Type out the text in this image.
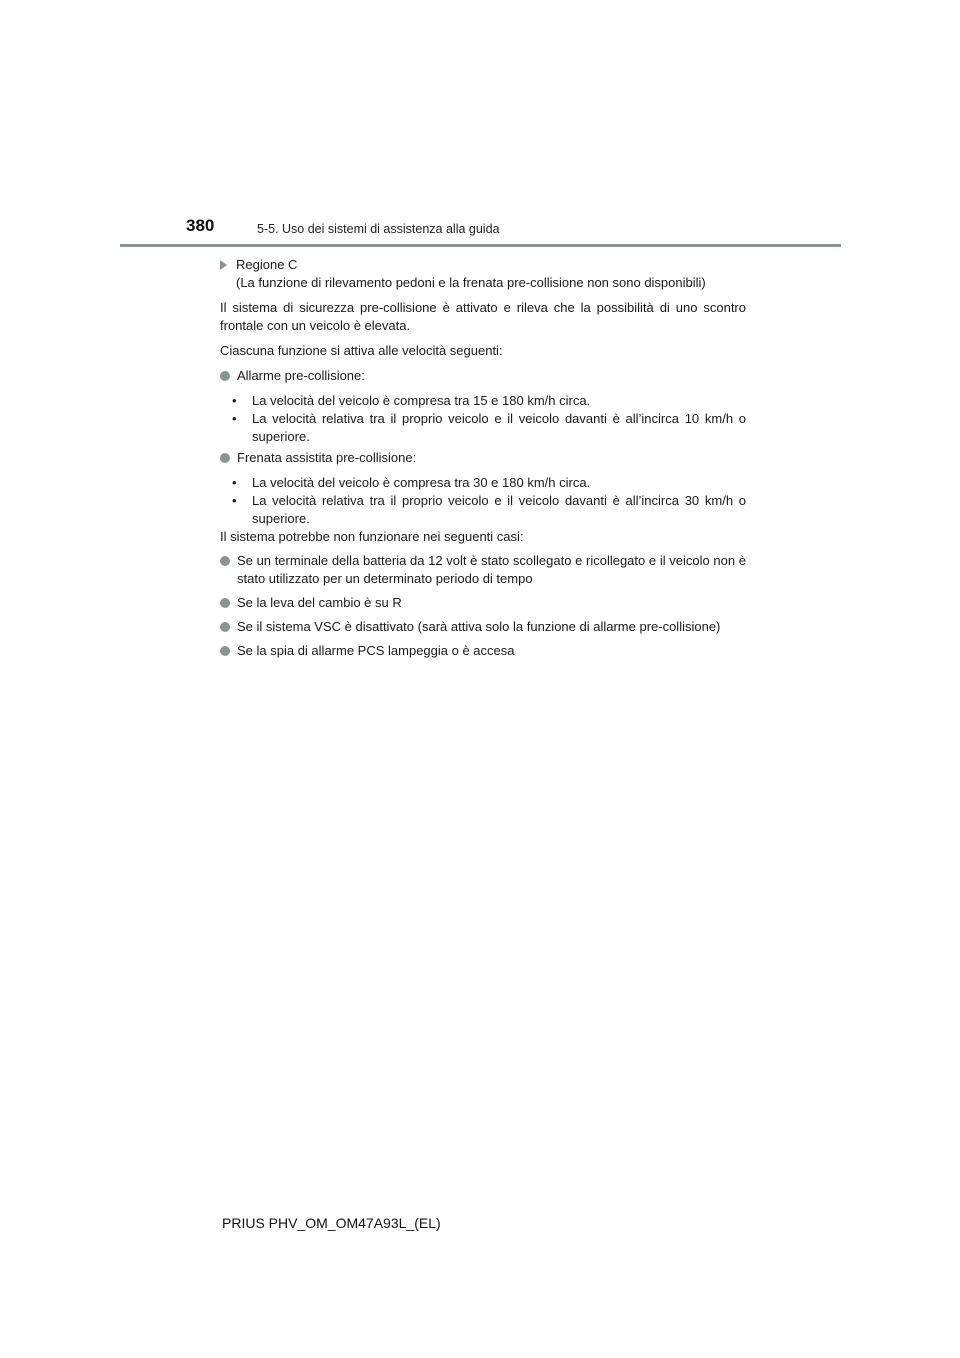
380	5-5. Uso dei sistemi di assistenza alla guida

Regione C

(La funzione di rilevamento pedoni e la frenata pre-collisione non sono disponibili)

Il sistema di sicurezza pre-collisione è attivato e rileva che la possibilità di uno scontro frontale con un veicolo è elevata.

Ciascuna funzione si attiva alle velocità seguenti:

Allarme pre-collisione:

•	La velocità del veicolo è compresa tra 15 e 180 km/h circa.
•	La velocità relativa tra il proprio veicolo e il veicolo davanti è all’incirca 10 km/h o superiore.

Frenata assistita pre-collisione:

•	La velocità del veicolo è compresa tra 30 e 180 km/h circa.
•	La velocità relativa tra il proprio veicolo e il veicolo davanti è all’incirca 30 km/h o superiore.

Il sistema potrebbe non funzionare nei seguenti casi:

Se un terminale della batteria da 12 volt è stato scollegato e ricollegato e il veicolo non è stato utilizzato per un determinato periodo di tempo

Se la leva del cambio è su R

Se il sistema VSC è disattivato (sarà attiva solo la funzione di allarme pre-collisione)

Se la spia di allarme PCS lampeggia o è accesa

PRIUS PHV_OM_OM47A93L_(EL)
